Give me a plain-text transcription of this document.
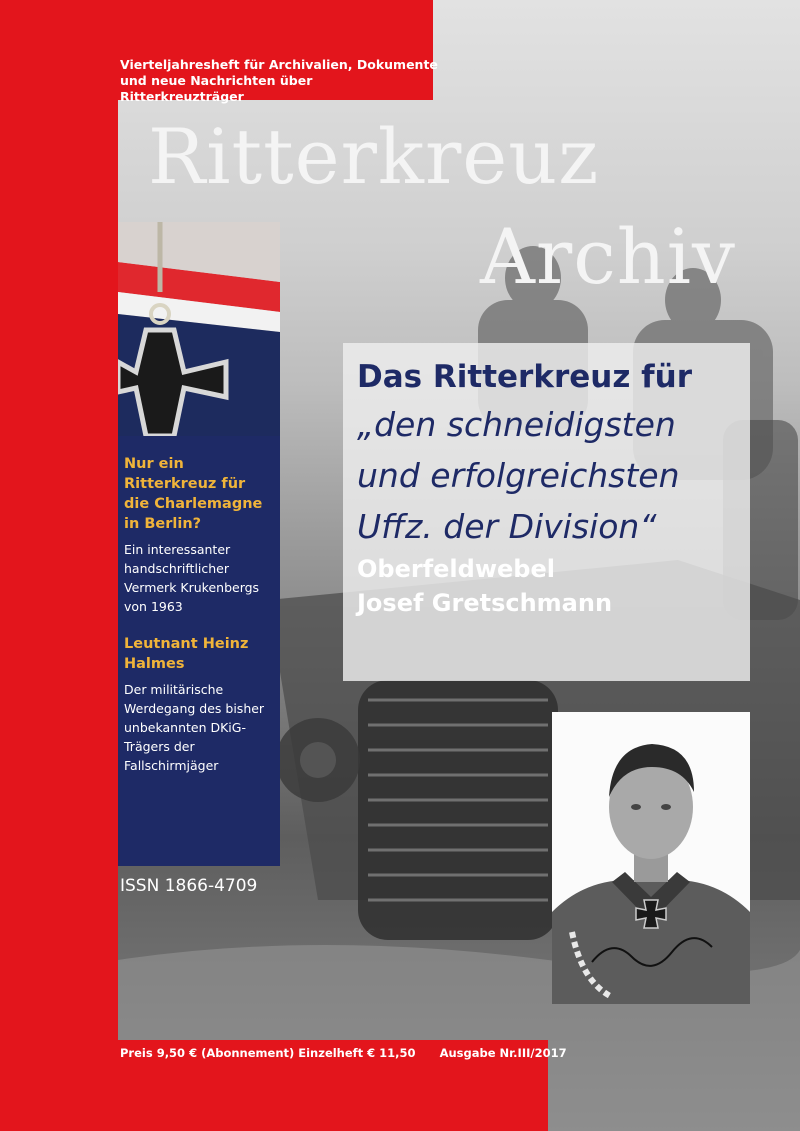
Vierteljahresheft für Archivalien, Dokumente
und neue Nachrichten über Ritterkreuzträger
Ritterkreuz
Archiv
Nur ein Ritterkreuz für die Charlemagne in Berlin?
Ein interessanter handschriftlicher Vermerk Krukenbergs von 1963
Leutnant Heinz Halmes
Der militärische Werdegang des bisher unbekannten DKiG-Trägers der Fallschirmjäger
ISSN 1866-4709
Das Ritterkreuz für
„den schneidigsten
und erfolgreichsten
Uffz. der Division“
Oberfeldwebel
Josef Gretschmann
Preis 9,50 € (Abonnement) Einzelheft € 11,50 Ausgabe Nr.III/2017
